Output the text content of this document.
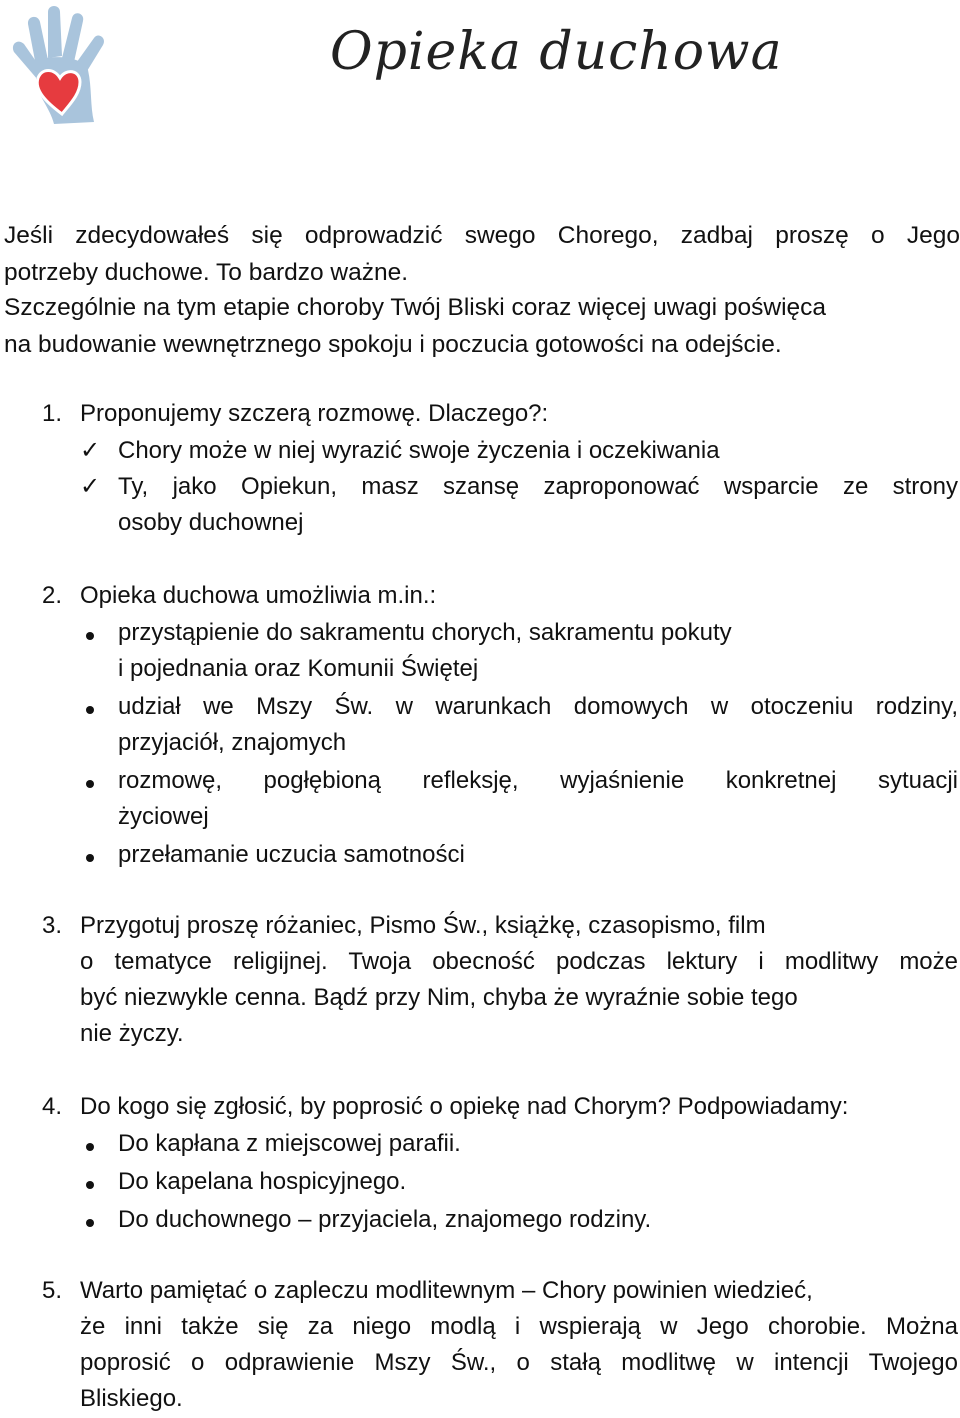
Opieka duchowa
Jeśli zdecydowałeś się odprowadzić swego Chorego, zadbaj proszę o Jego
potrzeby duchowe. To bardzo ważne.
Szczególnie na tym etapie choroby Twój Bliski coraz więcej uwagi poświęca
na budowanie wewnętrznego spokoju i poczucia gotowości na odejście.
1. Proponujemy szczerą rozmowę. Dlaczego?:
✓ Chory może w niej wyrazić swoje życzenia i oczekiwania
✓ Ty, jako Opiekun, masz szansę zaproponować wsparcie ze strony
osoby duchownej
2. Opieka duchowa umożliwia m.in.:
przystąpienie do sakramentu chorych, sakramentu pokuty
i pojednania oraz Komunii Świętej
udział we Mszy Św. w warunkach domowych w otoczeniu rodziny,
przyjaciół, znajomych
rozmowę, pogłębioną refleksję, wyjaśnienie konkretnej sytuacji
życiowej
przełamanie uczucia samotności
3. Przygotuj proszę różaniec, Pismo Św., książkę, czasopismo, film
o tematyce religijnej. Twoja obecność podczas lektury i modlitwy może
być niezwykle cenna. Bądź przy Nim, chyba że wyraźnie sobie tego
nie życzy.
4. Do kogo się zgłosić, by poprosić o opiekę nad Chorym? Podpowiadamy:
Do kapłana z miejscowej parafii.
Do kapelana hospicyjnego.
Do duchownego – przyjaciela, znajomego rodziny.
5. Warto pamiętać o zapleczu modlitewnym – Chory powinien wiedzieć,
że inni także się za niego modlą i wspierają w Jego chorobie. Można
poprosić o odprawienie Mszy Św., o stałą modlitwę w intencji Twojego
Bliskiego.
